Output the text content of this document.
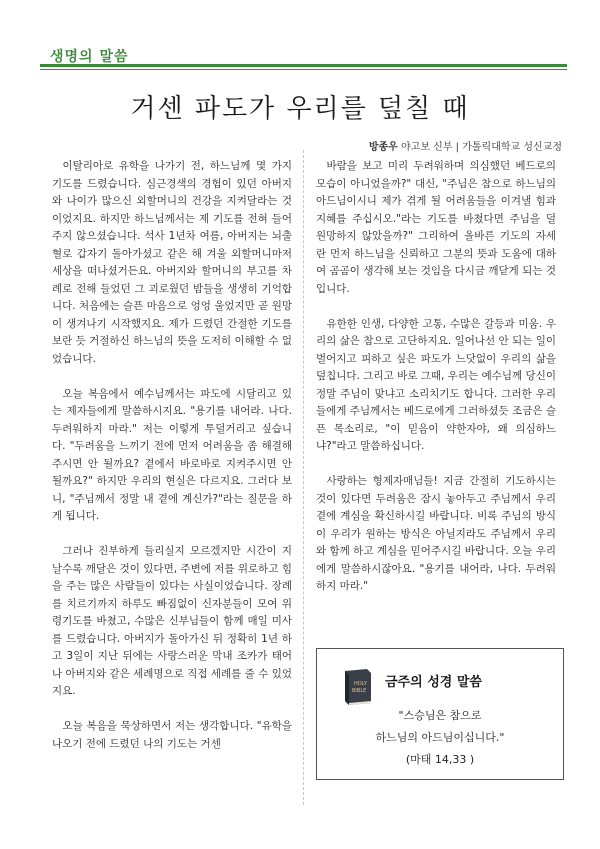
생명의 말씀
거센 파도가 우리를 덮칠 때
방종우 야고보 신부 | 가톨릭대학교 성신교정

이탈리아로 유학을 나가기 전, 하느님께 몇 가지 기도를 드렸습니다. 심근경색의 경험이 있던 아버지와 나이가 많으신 외할머니의 건강을 지켜달라는 것이었지요. 하지만 하느님께서는 제 기도를 전혀 들어주지 않으셨습니다. 석사 1년차 여름, 아버지는 뇌출혈로 갑자기 돌아가셨고 같은 해 겨울 외할머니마저 세상을 떠나셨거든요. 아버지와 할머니의 부고를 차례로 전해 들었던 그 괴로웠던 밤들을 생생히 기억합니다. 처음에는 슬픈 마음으로 엉엉 울었지만 곧 원망이 생겨나기 시작했지요. 제가 드렸던 간절한 기도를 보란 듯 거절하신 하느님의 뜻을 도저히 이해할 수 없었습니다.

오늘 복음에서 예수님께서는 파도에 시달리고 있는 제자들에게 말씀하시지요. "용기를 내어라. 나다. 두려워하지 마라." 저는 이렇게 투덜거리고 싶습니다. "두려움을 느끼기 전에 먼저 어려움을 좀 해결해 주시면 안 될까요? 곁에서 바로바로 지켜주시면 안 될까요?" 하지만 우리의 현실은 다르지요. 그러다 보니, "주님께서 정말 내 곁에 계신가?"라는 질문을 하게 됩니다.

그러나 진부하게 들리실지 모르겠지만 시간이 지날수록 깨달은 것이 있다면, 주변에 저를 위로하고 힘을 주는 많은 사람들이 있다는 사실이었습니다. 장례를 치르기까지 하루도 빠짐없이 신자분들이 모여 위령기도를 바쳤고, 수많은 신부님들이 함께 매일 미사를 드렸습니다. 아버지가 돌아가신 뒤 정확히 1년 하고 3일이 지난 뒤에는 사랑스러운 막내 조카가 태어나 아버지와 같은 세례명으로 직접 세례를 줄 수 있었지요.

오늘 복음을 묵상하면서 저는 생각합니다. "유학을 나오기 전에 드렸던 나의 기도는 거센

바람을 보고 미리 두려워하며 의심했던 베드로의 모습이 아니었을까?" 대신, "주님은 참으로 하느님의 아드님이시니 제가 겪게 될 어려움들을 이겨낼 힘과 지혜를 주십시오."라는 기도를 바쳤다면 주님을 덜 원망하지 않았을까?" 그리하여 올바른 기도의 자세란 먼저 하느님을 신뢰하고 그분의 뜻과 도움에 대하여 곰곰이 생각해 보는 것임을 다시금 깨닫게 되는 것입니다.

유한한 인생, 다양한 고통, 수많은 갈등과 미움. 우리의 삶은 참으로 고단하지요. 일어나선 안 되는 일이 벌어지고 피하고 싶은 파도가 느닷없이 우리의 삶을 덮칩니다. 그리고 바로 그때, 우리는 예수님께 당신이 정말 주님이 맞냐고 소리치기도 합니다. 그러한 우리들에게 주님께서는 베드로에게 그러하셨듯 조금은 슬픈 목소리로, "이 믿음이 약한자야, 왜 의심하느냐?"라고 말씀하십니다.

사랑하는 형제자매님들! 지금 간절히 기도하시는 것이 있다면 두려움은 잠시 놓아두고 주님께서 우리 곁에 계심을 확신하시길 바랍니다. 비록 주님의 방식이 우리가 원하는 방식은 아닐지라도 주님께서 우리와 함께 하고 계심을 믿어주시길 바랍니다. 오늘 우리에게 말씀하시잖아요. "용기를 내어라, 나다. 두려워하지 마라."

HOLY
BIBLE
금주의 성경 말씀
"스승님은 참으로
하느님의 아드님이십니다."
(마태 14,33 )
